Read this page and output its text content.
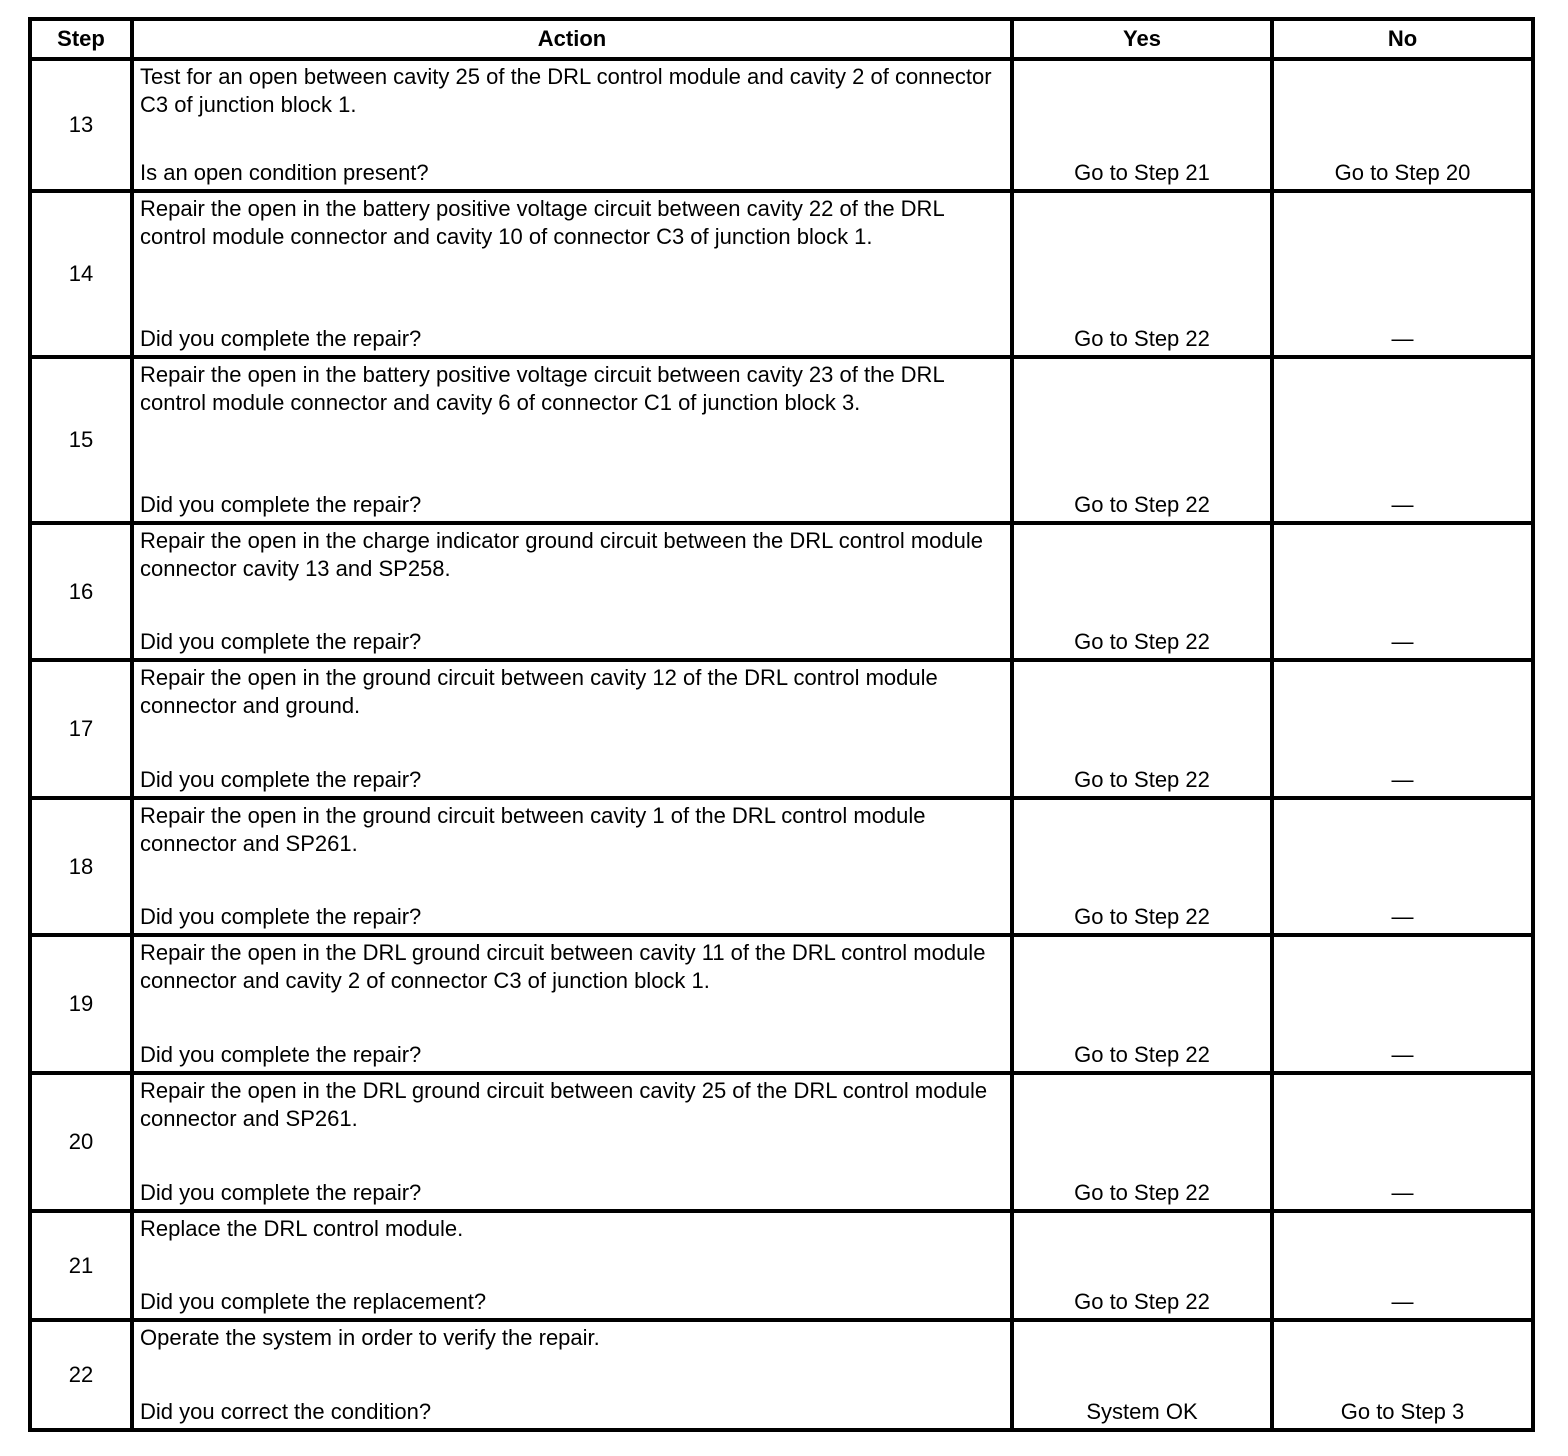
Step	Action	Yes	No
13	Test for an open between cavity 25 of the DRL control module and cavity 2 of connector C3 of junction block 1.
Is an open condition present?	Go to Step 21	Go to Step 20
14	Repair the open in the battery positive voltage circuit between cavity 22 of the DRL control module connector and cavity 10 of connector C3 of junction block 1.
Did you complete the repair?	Go to Step 22	—
15	Repair the open in the battery positive voltage circuit between cavity 23 of the DRL control module connector and cavity 6 of connector C1 of junction block 3.
Did you complete the repair?	Go to Step 22	—
16	Repair the open in the charge indicator ground circuit between the DRL control module connector cavity 13 and SP258.
Did you complete the repair?	Go to Step 22	—
17	Repair the open in the ground circuit between cavity 12 of the DRL control module connector and ground.
Did you complete the repair?	Go to Step 22	—
18	Repair the open in the ground circuit between cavity 1 of the DRL control module connector and SP261.
Did you complete the repair?	Go to Step 22	—
19	Repair the open in the DRL ground circuit between cavity 11 of the DRL control module connector and cavity 2 of connector C3 of junction block 1.
Did you complete the repair?	Go to Step 22	—
20	Repair the open in the DRL ground circuit between cavity 25 of the DRL control module connector and SP261.
Did you complete the repair?	Go to Step 22	—
21	Replace the DRL control module.
Did you complete the replacement?	Go to Step 22	—
22	Operate the system in order to verify the repair.
Did you correct the condition?	System OK	Go to Step 3
